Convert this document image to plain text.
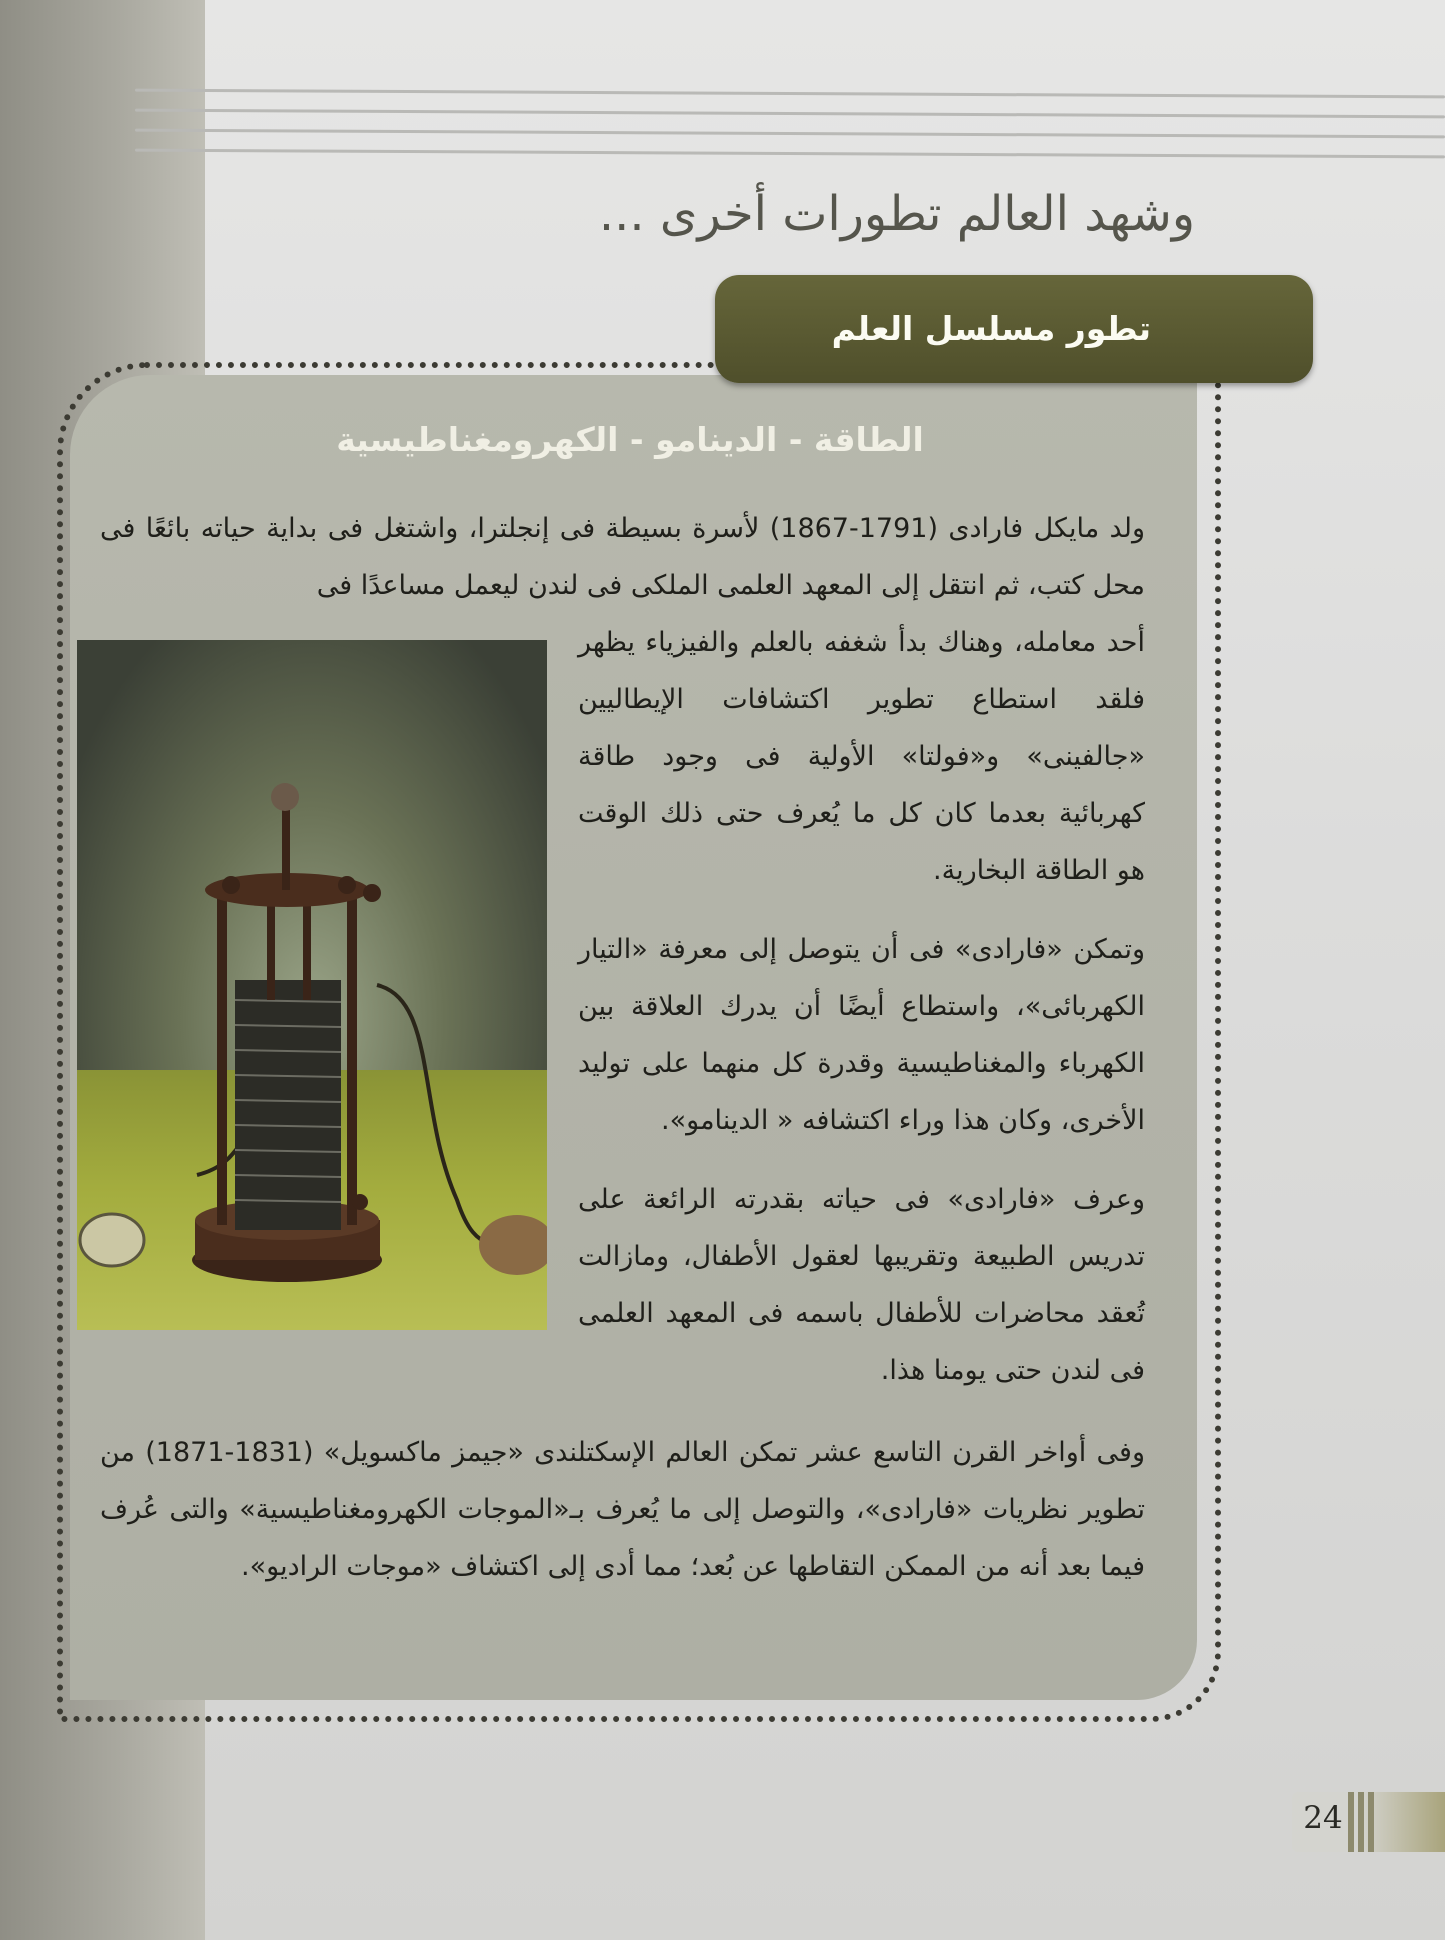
وشهد العالم تطورات أخرى ...
تطور مسلسل العلم
الطاقة - الدينامو - الكهرومغناطيسية

ولد مايكل فارادى (1791-1867) لأسرة بسيطة فى إنجلترا، واشتغل فى بداية حياته بائعًا فى محل كتب، ثم انتقل إلى المعهد العلمى الملكى فى لندن ليعمل مساعدًا فى

أحد معامله، وهناك بدأ شغفه بالعلم والفيزياء يظهر فلقد استطاع تطوير اكتشافات الإيطاليين «جالفينى» و«فولتا» الأولية فى وجود طاقة كهربائية بعدما كان كل ما يُعرف حتى ذلك الوقت هو الطاقة البخارية.

وتمكن «فارادى» فى أن يتوصل إلى معرفة «التيار الكهربائى»، واستطاع أيضًا أن يدرك العلاقة بين الكهرباء والمغناطيسية وقدرة كل منهما على توليد الأخرى، وكان هذا وراء اكتشافه « الدينامو».

وعرف «فارادى» فى حياته بقدرته الرائعة على تدريس الطبيعة وتقريبها لعقول الأطفال، ومازالت تُعقد محاضرات للأطفال باسمه فى المعهد العلمى فى لندن حتى يومنا هذا.

وفى أواخر القرن التاسع عشر تمكن العالم الإسكتلندى «جيمز ماكسويل» (1831-1871) من تطوير نظريات «فارادى»، والتوصل إلى ما يُعرف بـ«الموجات الكهرومغناطيسية» والتى عُرف فيما بعد أنه من الممكن التقاطها عن بُعد؛ مما أدى إلى اكتشاف «موجات الراديو».

24
